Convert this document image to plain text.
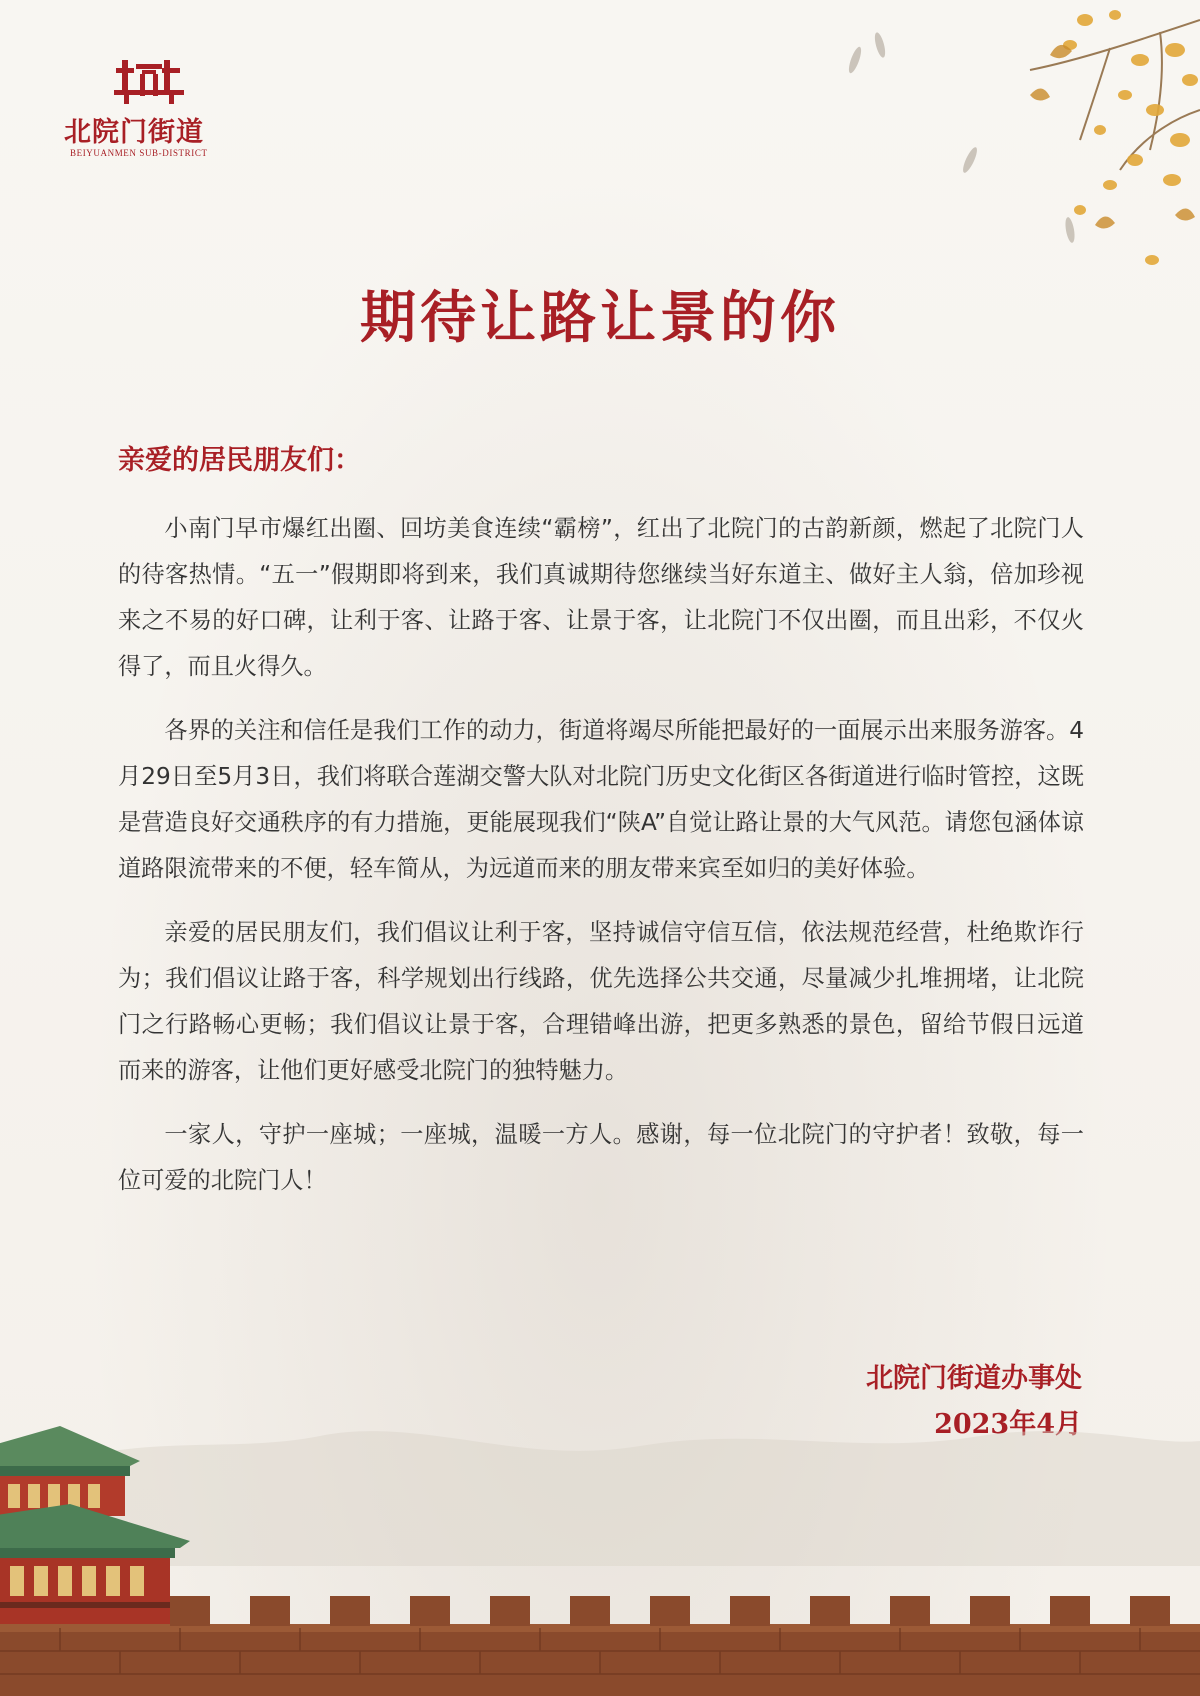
北院门街道
BEIYUANMEN SUB-DISTRICT
期待让路让景的你
亲爱的居民朋友们：

小南门早市爆红出圈、回坊美食连续“霸榜”，红出了北院门的古韵新颜，燃起了北院门人的待客热情。“五一”假期即将到来，我们真诚期待您继续当好东道主、做好主人翁，倍加珍视来之不易的好口碑，让利于客、让路于客、让景于客，让北院门不仅出圈，而且出彩，不仅火得了，而且火得久。

各界的关注和信任是我们工作的动力，街道将竭尽所能把最好的一面展示出来服务游客。4月29日至5月3日，我们将联合莲湖交警大队对北院门历史文化街区各街道进行临时管控，这既是营造良好交通秩序的有力措施，更能展现我们“陕A”自觉让路让景的大气风范。请您包涵体谅道路限流带来的不便，轻车简从，为远道而来的朋友带来宾至如归的美好体验。

亲爱的居民朋友们，我们倡议让利于客，坚持诚信守信互信，依法规范经营，杜绝欺诈行为；我们倡议让路于客，科学规划出行线路，优先选择公共交通，尽量减少扎堆拥堵，让北院门之行路畅心更畅；我们倡议让景于客，合理错峰出游，把更多熟悉的景色，留给节假日远道而来的游客，让他们更好感受北院门的独特魅力。

一家人，守护一座城；一座城，温暖一方人。感谢，每一位北院门的守护者！致敬，每一位可爱的北院门人！

北院门街道办事处
2023年4月
